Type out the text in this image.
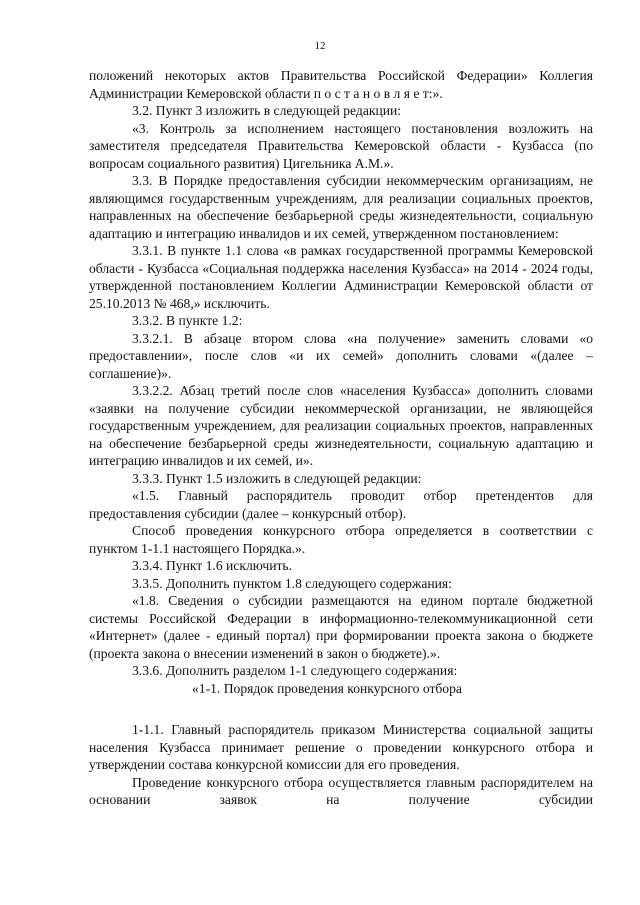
12

положений некоторых актов Правительства Российской Федерации» Коллегия Администрации Кемеровской области п о с т а н о в л я е т:».

3.2. Пункт 3 изложить в следующей редакции:

«3. Контроль за исполнением настоящего постановления возложить на заместителя председателя Правительства Кемеровской области - Кузбасса (по вопросам социального развития) Цигельника А.М.».

3.3. В Порядке предоставления субсидии некоммерческим организациям, не являющимся государственным учреждениям, для реализации социальных проектов, направленных на обеспечение безбарьерной среды жизнедеятельности, социальную адаптацию и интеграцию инвалидов и их семей, утвержденном постановлением:

3.3.1. В пункте 1.1 слова «в рамках государственной программы Кемеровской области - Кузбасса «Социальная поддержка населения Кузбасса» на 2014 - 2024 годы, утвержденной постановлением Коллегии Администрации Кемеровской области от 25.10.2013 № 468,» исключить.

3.3.2. В пункте 1.2:

3.3.2.1. В абзаце втором слова «на получение» заменить словами «о предоставлении», после слов «и их семей» дополнить словами «(далее – соглашение)».

3.3.2.2. Абзац третий после слов «населения Кузбасса» дополнить словами «заявки на получение субсидии некоммерческой организации, не являющейся государственным учреждением, для реализации социальных проектов, направленных на обеспечение безбарьерной среды жизнедеятельности, социальную адаптацию и интеграцию инвалидов и их семей, и».

3.3.3. Пункт 1.5 изложить в следующей редакции:

«1.5. Главный распорядитель проводит отбор претендентов для предоставления субсидии (далее – конкурсный отбор).

Способ проведения конкурсного отбора определяется в соответствии с пунктом 1-1.1 настоящего Порядка.».

3.3.4. Пункт 1.6 исключить.

3.3.5. Дополнить пунктом 1.8 следующего содержания:

«1.8. Сведения о субсидии размещаются на едином портале бюджетной системы Российской Федерации в информационно-телекоммуникационной сети «Интернет» (далее - единый портал) при формировании проекта закона о бюджете (проекта закона о внесении изменений в закон о бюджете).».

3.3.6. Дополнить разделом 1-1 следующего содержания:

«1-1. Порядок проведения конкурсного отбора

1-1.1. Главный распорядитель приказом Министерства социальной защиты населения Кузбасса принимает решение о проведении конкурсного отбора и утверждении состава конкурсной комиссии для его проведения.

Проведение конкурсного отбора осуществляется главным распорядителем на основании заявок на получение субсидии
